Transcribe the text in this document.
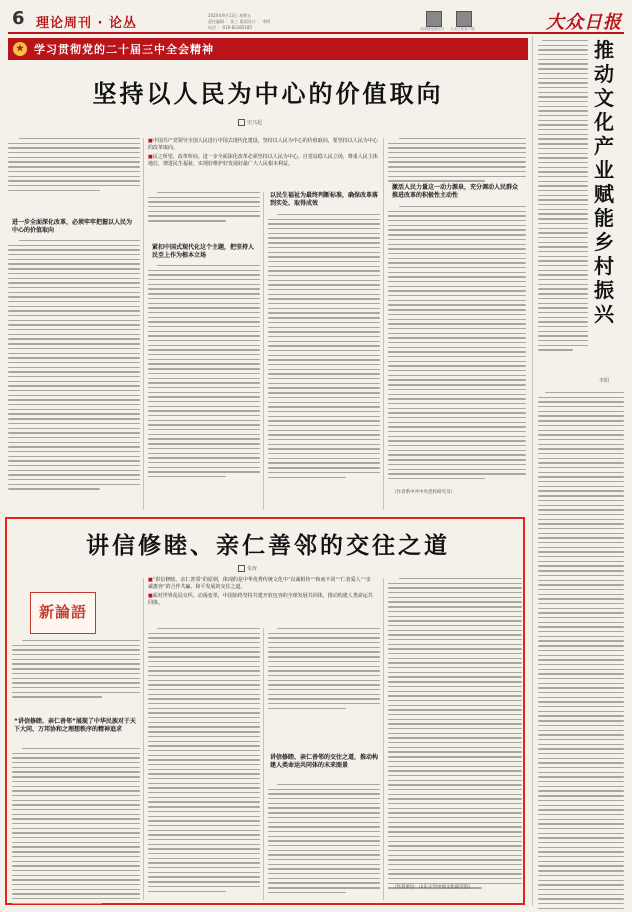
6 理论周刊 · 论丛
2024年9月13日 星期五
责任编辑 ： 张三 版面设计 ： 李四
电话 ： 010-83185185	光明理论微信号 大众日报客户端	大众日报
★ 学习贯彻党的二十届三中全会精神
坚持以人民为中心的价值取向
史兴起

■中国共产党领导全国人民进行中国式现代化建设，坚持以人民为中心的价值取向，要坚持以人民为中心的改革取向。

■民之所望，改革所向。进一步全面深化改革必须坚持以人民为中心，自觉站稳人民立场，尊重人民主体地位，增进民生福祉，实现好维护好发展好最广大人民根本利益。

进一步全面深化改革，必须牢牢把握以人民为中心的价值取向
紧扣中国式现代化这个主题，把坚持人民至上作为根本立场
以民生福祉为最终判断标准，确保改革落到实处、取得成效
激活人民力量这一动力源泉，充分调动人民群众推进改革的积极性主动性
（作者系中共中央党校研究员）
推动文化产业赋能乡村振兴
李阳
讲信修睦、亲仁善邻的交往之道
朱涛
新論語

■“讲信修睦、亲仁善邻”的原则，体现的是中华优秀传统文化中“以诚相待”“和而不同”“仁者爱人”“亲诚惠容”的合作共赢、和平发展的交往之道。

■面对世界乱局交织、动荡变革，中国始终坚持共建开放包容的全球发展共同体，推动构建人类命运共同体。

“讲信修睦、亲仁善邻”展现了中华民族对于天下大同、万邦协和之理想秩序的精神追求
讲信修睦、亲仁善邻的交往之道，推动构建人类命运共同体的未来图景
（作者单位：山东大学中国文化研究院）
